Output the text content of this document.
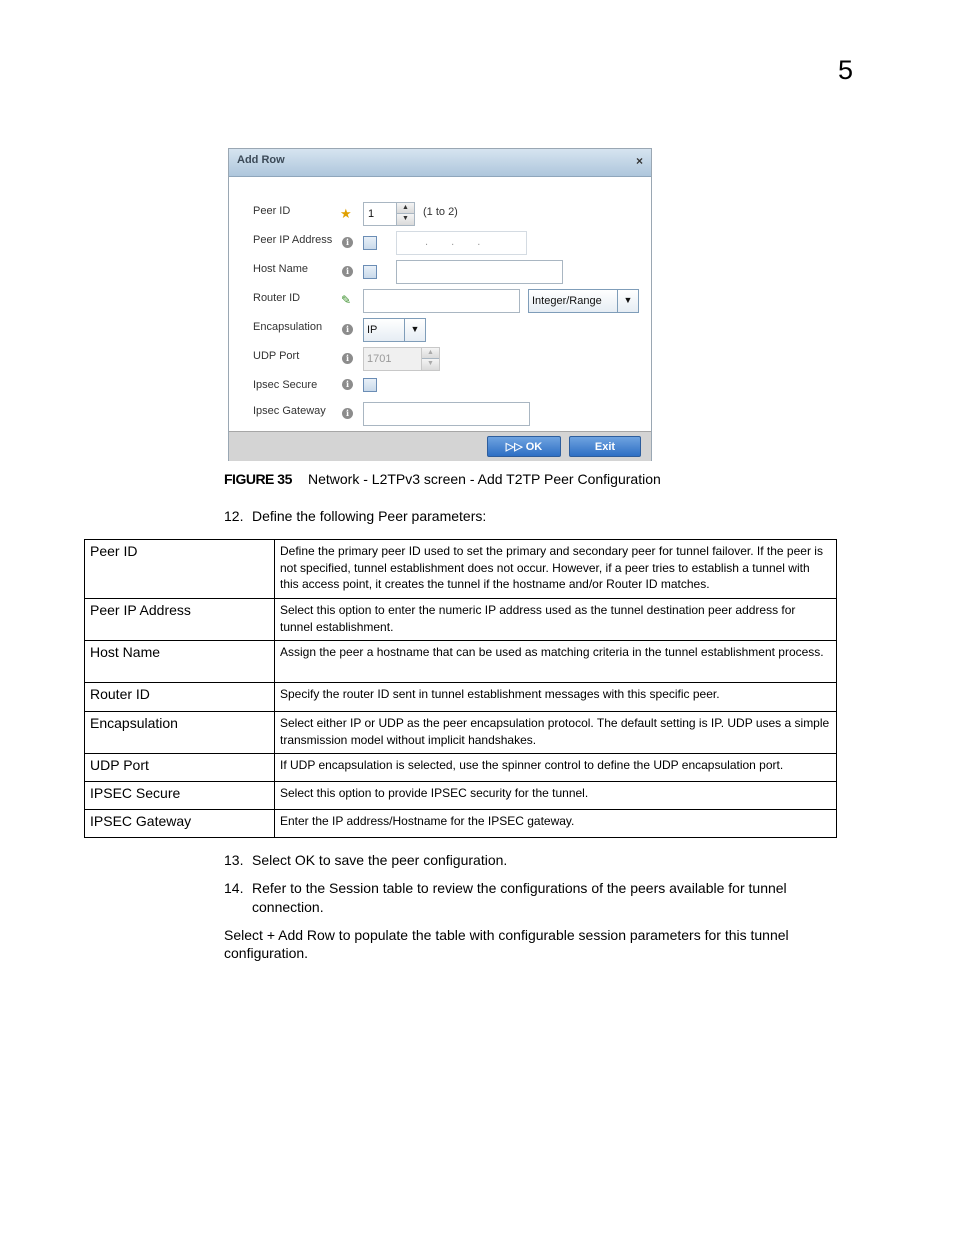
5
Add Row	×
Peer ID	★ 1
▲
▼
(1 to 2)
Peer IP Address	i	. . .
Host Name	i
Router ID	✎	Integer/Range	▼
Encapsulation	i	IP	▼
UDP Port	i	1701
▲
▼
Ipsec Secure	i
Ipsec Gateway	i
▷▷ OK	Exit
FIGURE 35 Network - L2TPv3 screen - Add T2TP Peer Configuration
12. Define the following Peer parameters:
Peer ID	Define the primary peer ID used to set the primary and secondary peer for tunnel failover. If the peer is not specified, tunnel establishment does not occur. However, if a peer tries to establish a tunnel with this access point, it creates the tunnel if the hostname and/or Router ID matches.
Peer IP Address	Select this option to enter the numeric IP address used as the tunnel destination peer address for tunnel establishment.
Host Name	Assign the peer a hostname that can be used as matching criteria in the tunnel establishment process.
Router ID	Specify the router ID sent in tunnel establishment messages with this specific peer.
Encapsulation	Select either IP or UDP as the peer encapsulation protocol. The default setting is IP. UDP uses a simple transmission model without implicit handshakes.
UDP Port	If UDP encapsulation is selected, use the spinner control to define the UDP encapsulation port.
IPSEC Secure	Select this option to provide IPSEC security for the tunnel.
IPSEC Gateway	Enter the IP address/Hostname for the IPSEC gateway.
13. Select OK to save the peer configuration.
14. Refer to the Session table to review the configurations of the peers available for tunnel
connection.
Select + Add Row to populate the table with configurable session parameters for this tunnel
configuration.
